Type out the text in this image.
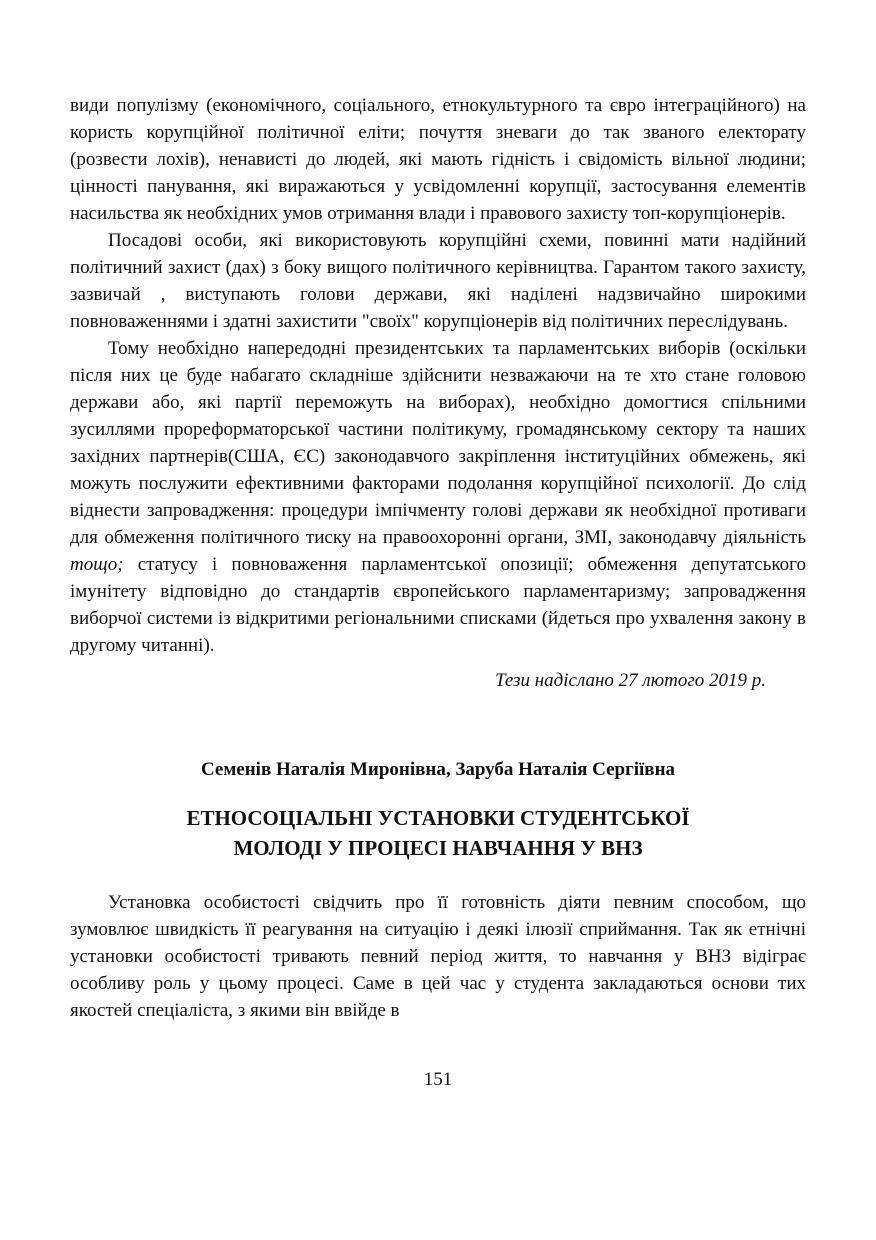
види популізму (економічного, соціального, етнокультурного та євро інтеграційного) на користь корупційної політичної еліти; почуття зневаги до так званого електорату (розвести лохів), ненависті до людей, які мають гідність і свідомість вільної людини; цінності панування, які виражаються у усвідомленні корупції, застосування елементів насильства як необхідних умов отримання влади і правового захисту топ-корупціонерів.

Посадові особи, які використовують корупційні схеми, повинні мати надійний політичний захист (дах) з боку вищого політичного керівництва. Гарантом такого захисту, зазвичай , виступають голови держави, які наділені надзвичайно широкими повноваженнями і здатні захистити "своїх" корупціонерів від політичних переслідувань.

Тому необхідно напередодні президентських та парламентських виборів (оскільки після них це буде набагато складніше здійснити незважаючи на те хто стане головою держави або, які партії переможуть на виборах), необхідно домогтися спільними зусиллями прореформаторської частини політикуму, громадянському сектору та наших західних партнерів(США, ЄС) законодавчого закріплення інституційних обмежень, які можуть послужити ефективними факторами подолання корупційної психології. До слід віднести запровадження: процедури імпічменту голові держави як необхідної противаги для обмеження політичного тиску на правоохоронні органи, ЗМІ, законодавчу діяльність тощо; статусу і повноваження парламентської опозиції; обмеження депутатського імунітету відповідно до стандартів європейського парламентаризму; запровадження виборчої системи із відкритими регіональними списками (йдеться про ухвалення закону в другому читанні).

Тези надіслано 27 лютого 2019 р.

Семенів Наталія Миронівна, Заруба Наталія Сергіївна

ЕТНОСОЦІАЛЬНІ УСТАНОВКИ СТУДЕНТСЬКОЇ
МОЛОДІ У ПРОЦЕСІ НАВЧАННЯ У ВНЗ

Установка особистості свідчить про її готовність діяти певним способом, що зумовлює швидкість її реагування на ситуацію і деякі ілюзії сприймання. Так як етнічні установки особистості тривають певний період життя, то навчання у ВНЗ відіграє особливу роль у цьому процесі. Саме в цей час у студента закладаються основи тих якостей спеціаліста, з якими він ввійде в

151
